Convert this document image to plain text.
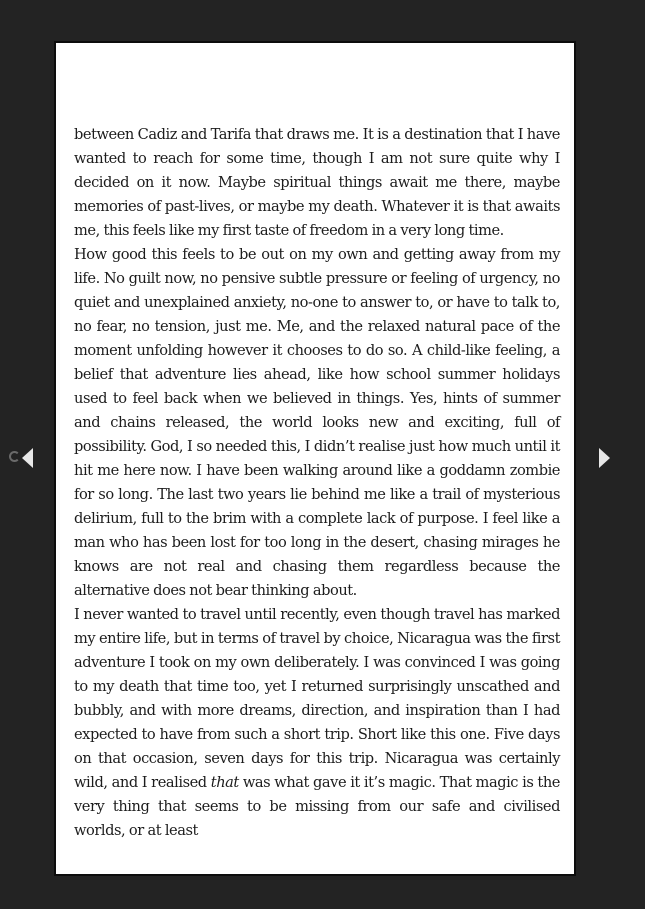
between Cadiz and Tarifa that draws me. It is a destination that I have wanted to reach for some time, though I am not sure quite why I decided on it now. Maybe spiritual things await me there, maybe memories of past-lives, or maybe my death. Whatever it is that awaits me, this feels like my first taste of freedom in a very long time.

How good this feels to be out on my own and getting away from my life. No guilt now, no pensive subtle pressure or feeling of urgency, no quiet and unexplained anxiety, no-one to answer to, or have to talk to, no fear, no tension, just me. Me, and the relaxed natural pace of the moment unfolding however it chooses to do so. A child-like feeling, a belief that adventure lies ahead, like how school summer holidays used to feel back when we believed in things. Yes, hints of summer and chains released, the world looks new and exciting, full of possibility. God, I so needed this, I didn’t realise just how much until it hit me here now. I have been walking around like a goddamn zombie for so long. The last two years lie behind me like a trail of mysterious delirium, full to the brim with a complete lack of purpose. I feel like a man who has been lost for too long in the desert, chasing mirages he knows are not real and chasing them regardless because the alternative does not bear thinking about.

I never wanted to travel until recently, even though travel has marked my entire life, but in terms of travel by choice, Nicaragua was the first adventure I took on my own deliberately. I was convinced I was going to my death that time too, yet I returned surprisingly unscathed and bubbly, and with more dreams, direction, and inspiration than I had expected to have from such a short trip. Short like this one. Five days on that occasion, seven days for this trip. Nicaragua was certainly wild, and I realised that was what gave it it’s magic. That magic is the very thing that seems to be missing from our safe and civilised worlds, or at least
